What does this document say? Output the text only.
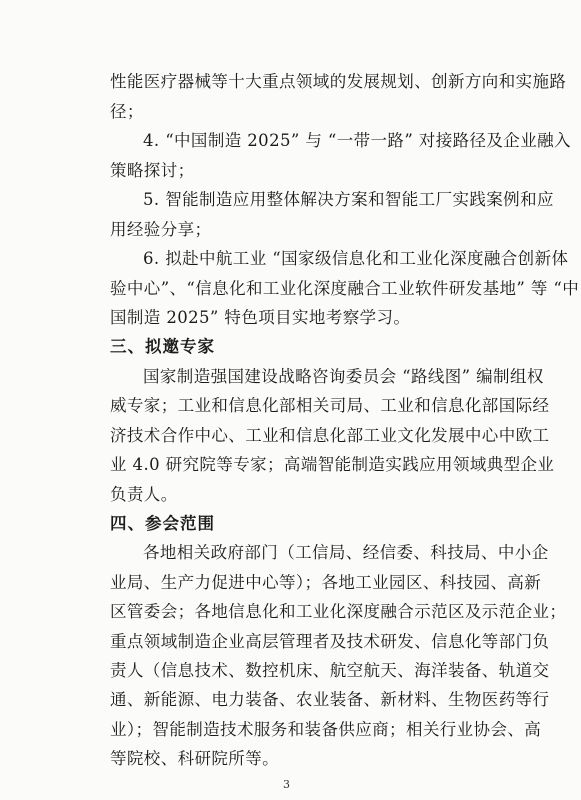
性能医疗器械等十大重点领域的发展规划、创新方向和实施路
径；
4. “中国制造 2025” 与 “一带一路” 对接路径及企业融入
策略探讨；
5. 智能制造应用整体解决方案和智能工厂实践案例和应
用经验分享；
6. 拟赴中航工业 “国家级信息化和工业化深度融合创新体
验中心”、“信息化和工业化深度融合工业软件研发基地” 等 “中
国制造 2025” 特色项目实地考察学习。
三、拟邀专家
国家制造强国建设战略咨询委员会 “路线图” 编制组权
威专家；工业和信息化部相关司局、工业和信息化部国际经
济技术合作中心、工业和信息化部工业文化发展中心中欧工
业 4.0 研究院等专家；高端智能制造实践应用领域典型企业
负责人。
四、参会范围
各地相关政府部门（工信局、经信委、科技局、中小企
业局、生产力促进中心等）；各地工业园区、科技园、高新
区管委会；各地信息化和工业化深度融合示范区及示范企业；
重点领域制造企业高层管理者及技术研发、信息化等部门负
责人（信息技术、数控机床、航空航天、海洋装备、轨道交
通、新能源、电力装备、农业装备、新材料、生物医药等行
业）；智能制造技术服务和装备供应商；相关行业协会、高
等院校、科研院所等。
3
